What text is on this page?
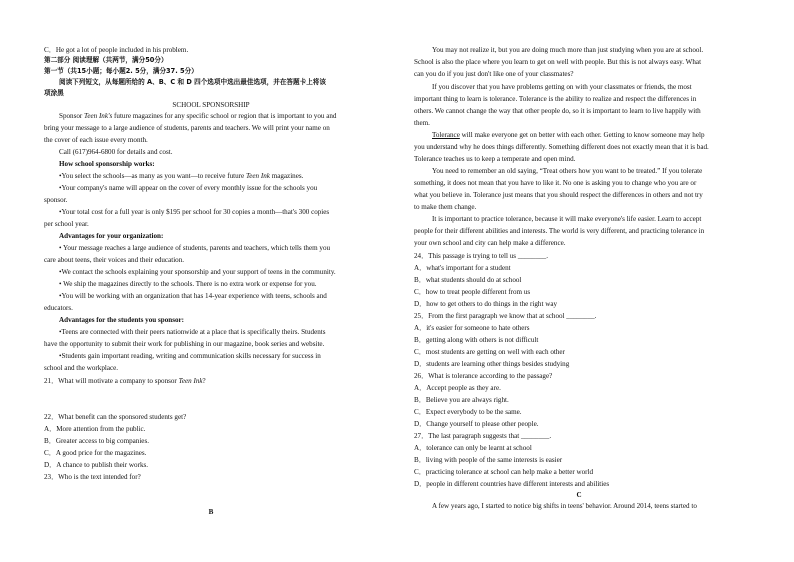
C．He got a lot of people included in his problem.
第二部分 阅读理解（共两节，满分50分）
第一节（共15小题；每小题2. 5分，满分37. 5分）
阅读下列短文，从每题所给的 A、B、C 和 D 四个选项中选出最佳选项，并在答题卡上将该
项涂黑
SCHOOL SPONSORSHIP
Sponsor Teen Ink's future magazines for any specific school or region that is important to you and
bring your message to a large audience of students, parents and teachers. We will print your name on
the cover of each issue every month.
Call (617)964-6800 for details and cost.
How school sponsorship works:
•You select the schools—as many as you want—to receive future Teen Ink magazines.
•Your company's name will appear on the cover of every monthly issue for the schools you
sponsor.
•Your total cost for a full year is only $195 per school for 30 copies a month—that's 300 copies
per school year.
Advantages for your organization:
• Your message reaches a large audience of students, parents and teachers, which tells them you
care about teens, their voices and their education.
•We contact the schools explaining your sponsorship and your support of teens in the community.
• We ship the magazines directly to the schools. There is no extra work or expense for you.
•You will be working with an organization that has 14-year experience with teens, schools and
educators.
Advantages for the students you sponsor:
•Teens are connected with their peers nationwide at a place that is specifically theirs. Students
have the opportunity to submit their work for publishing in our magazine, book series and website.
•Students gain important reading, writing and communication skills necessary for success in
school and the workplace.
21．What will motivate a company to sponsor Teen Ink?
22．What benefit can the sponsored students get?
A．More attention from the public.
B．Greater access to big companies.
C．A good price for the magazines.
D．A chance to publish their works.
23．Who is the text intended for?
B
You may not realize it, but you are doing much more than just studying when you are at school.
School is also the place where you learn to get on well with people. But this is not always easy. What
can you do if you just don't like one of your classmates?
If you discover that you have problems getting on with your classmates or friends, the most
important thing to learn is tolerance. Tolerance is the ability to realize and respect the differences in
others. We cannot change the way that other people do, so it is important to learn to live happily with
them.
Tolerance will make everyone get on better with each other. Getting to know someone may help
you understand why he does things differently. Something different does not exactly mean that it is bad.
Tolerance teaches us to keep a temperate and open mind.
You need to remember an old saying, “Treat others how you want to be treated.” If you tolerate
something, it does not mean that you have to like it. No one is asking you to change who you are or
what you believe in. Tolerance just means that you should respect the differences in others and not try
to make them change.
It is important to practice tolerance, because it will make everyone's life easier. Learn to accept
people for their different abilities and interests. The world is very different, and practicing tolerance in
your own school and city can help make a difference.
24．This passage is trying to tell us ________.
A．what's important for a student
B．what students should do at school
C．how to treat people different from us
D．how to get others to do things in the right way
25．From the first paragraph we know that at school ________.
A．it's easier for someone to hate others
B．getting along with others is not difficult
C．most students are getting on well with each other
D．students are learning other things besides studying
26．What is tolerance according to the passage?
A．Accept people as they are.
B．Believe you are always right.
C．Expect everybody to be the same.
D．Change yourself to please other people.
27．The last paragraph suggests that ________.
A．tolerance can only be learnt at school
B．living with people of the same interests is easier
C．practicing tolerance at school can help make a better world
D．people in different countries have different interests and abilities
C
A few years ago, I started to notice big shifts in teens' behavior. Around 2014, teens started to
